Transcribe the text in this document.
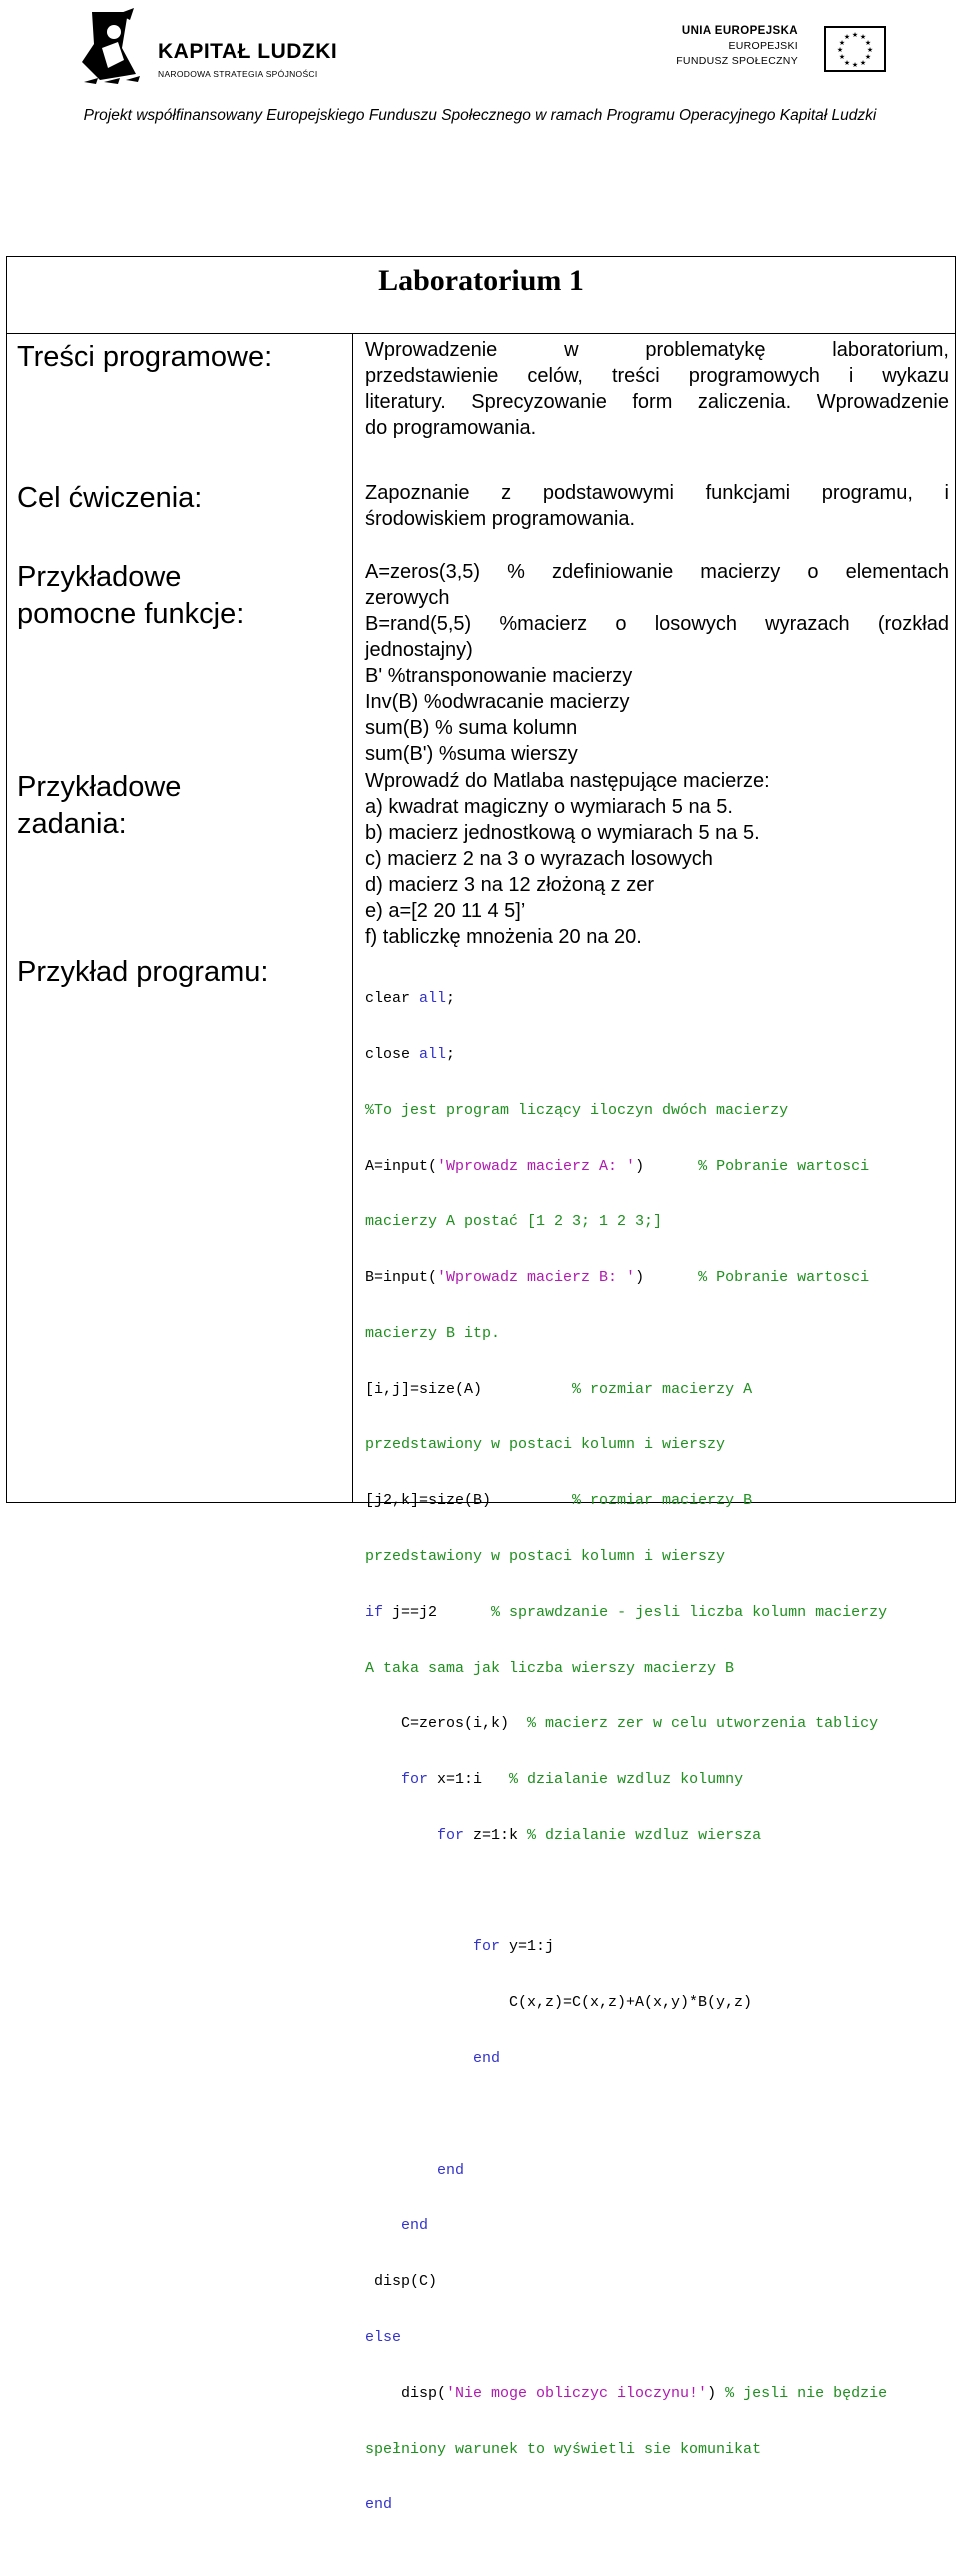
KAPITAŁ LUDZKI
NARODOWA STRATEGIA SPÓJNOŚCI
UNIA EUROPEJSKA
EUROPEJSKI
FUNDUSZ SPOŁECZNY
★ ★
★
★
★
★
★
★
★
★
★
★
Projekt współfinansowany Europejskiego Funduszu Społecznego w ramach Programu Operacyjnego Kapitał Ludzki
Laboratorium 1
Treści programowe:	Wprowadzenie w problematykę laboratorium,
przedstawienie celów, treści programowych i wykazu
literatury. Sprecyzowanie form zaliczenia. Wprowadzenie
do programowania.
Cel ćwiczenia:	Zapoznanie z podstawowymi funkcjami programu, i
środowiskiem programowania.
Przykładowe
pomocne funkcje:
A=zeros(3,5) % zdefiniowanie macierzy o elementach
zerowych
B=rand(5,5) %macierz o losowych wyrazach (rozkład
jednostajny)
B' %transponowanie macierzy
Inv(B) %odwracanie macierzy
sum(B) % suma kolumn
sum(B') %suma wierszy
Przykładowe
zadania:
Wprowadź do Matlaba następujące macierze:
a) kwadrat magiczny o wymiarach 5 na 5.
b) macierz jednostkową o wymiarach 5 na 5.
c) macierz 2 na 3 o wyrazach losowych
d) macierz 3 na 12 złożoną z zer
e) a=[2 20 11 4 5]’
f) tabliczkę mnożenia 20 na 20.
Przykład programu:

clear all;

close all;

%To jest program liczący iloczyn dwóch macierzy

A=input('Wprowadz macierz A: ')      % Pobranie wartosci

macierzy A postać [1 2 3; 1 2 3;]

B=input('Wprowadz macierz B: ')      % Pobranie wartosci

macierzy B itp.

[i,j]=size(A)          % rozmiar macierzy A

przedstawiony w postaci kolumn i wierszy

[j2,k]=size(B)         % rozmiar macierzy B

przedstawiony w postaci kolumn i wierszy

if j==j2      % sprawdzanie - jesli liczba kolumn macierzy

A taka sama jak liczba wierszy macierzy B

C=zeros(i,k)  % macierz zer w celu utworzenia tablicy

for x=1:i   % dzialanie wzdluz kolumny

for z=1:k % dzialanie wzdluz wiersza

for y=1:j

C(x,z)=C(x,z)+A(x,y)*B(y,z)

end

end

end

disp(C)

else

disp('Nie moge obliczyc iloczynu!') % jesli nie będzie

spełniony warunek to wyświetli sie komunikat

end
